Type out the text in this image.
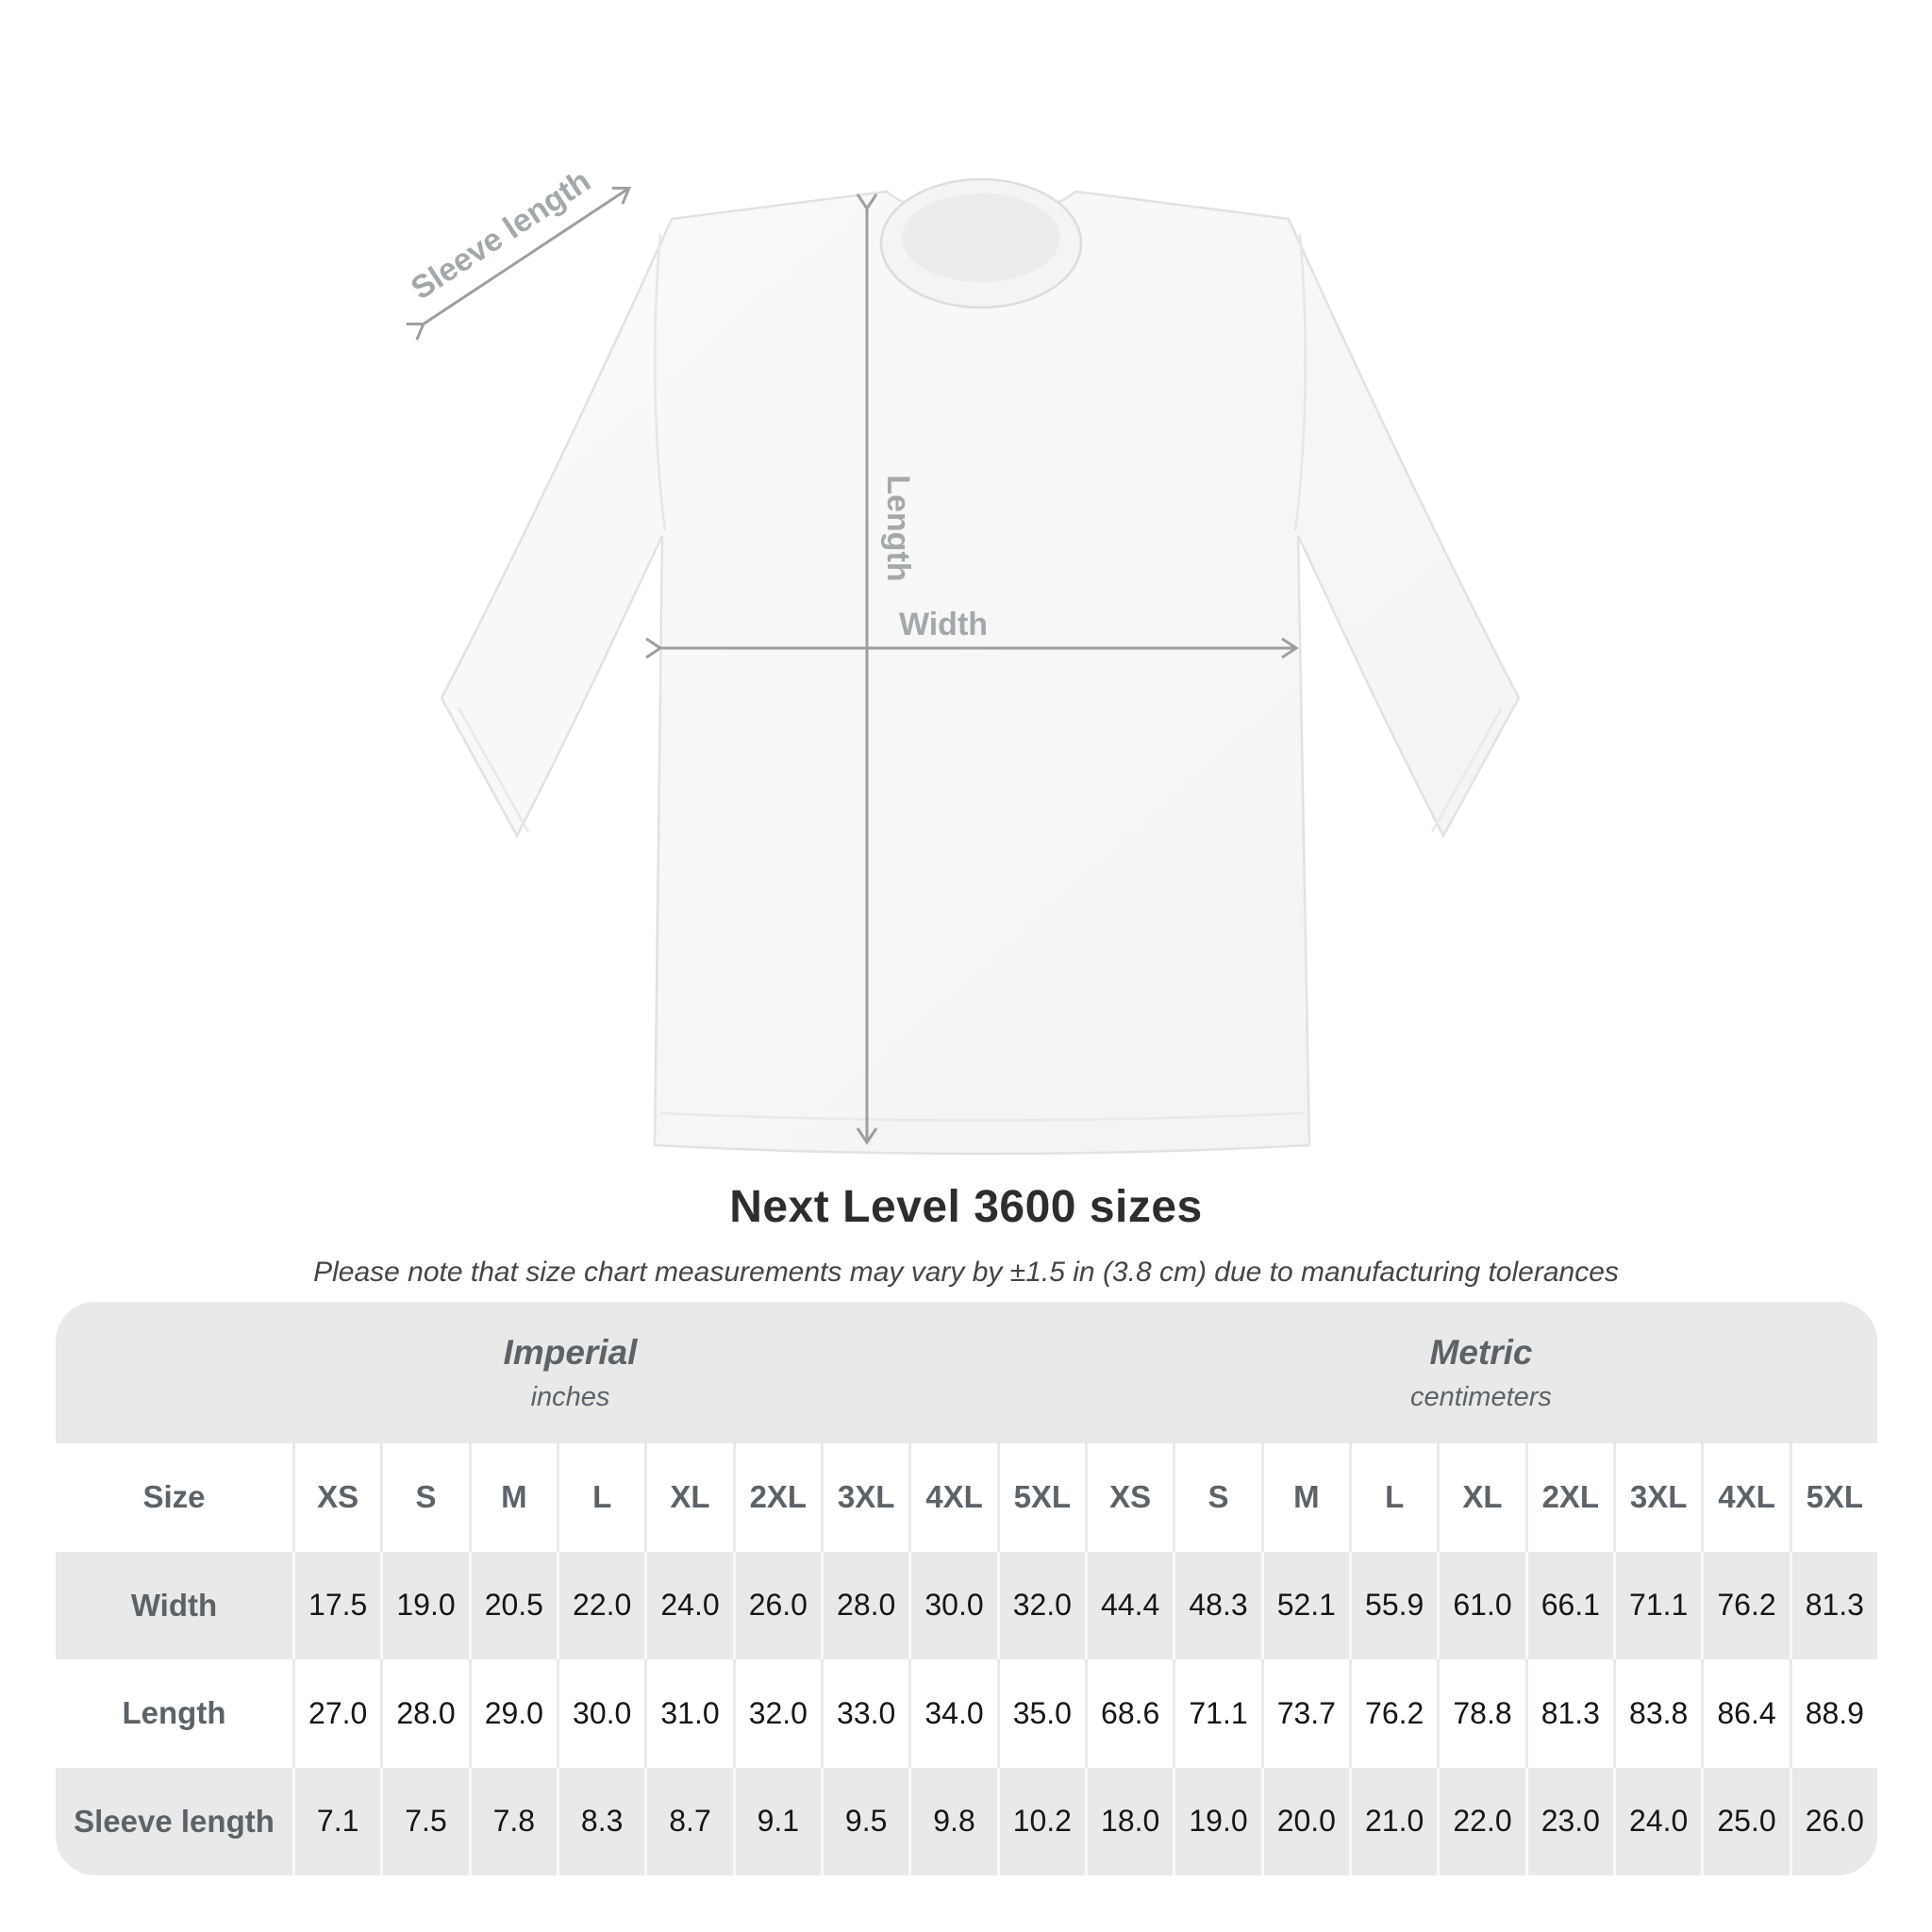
Sleeve length
Length
Width
Next Level 3600 sizes
Please note that size chart measurements may vary by ±1.5 in (3.8 cm) due to manufacturing tolerances
Imperial
inches
Metric
centimeters
Size	XS	S	M	L	XL	2XL 3XL 4XL 5XL	XS	S	M	L	XL	2XL 3XL 4XL 5XL
Width	17.5 19.0 20.5 22.0 24.0 26.0 28.0 30.0 32.0 44.4 48.3 52.1 55.9 61.0 66.1 71.1 76.2 81.3
Length	27.0 28.0 29.0 30.0 31.0 32.0 33.0 34.0 35.0 68.6 71.1 73.7 76.2 78.8 81.3 83.8 86.4 88.9
Sleeve length	7.1	7.5	7.8	8.3	8.7	9.1	9.5	9.8	10.2 18.0 19.0 20.0 21.0 22.0 23.0 24.0 25.0 26.0
